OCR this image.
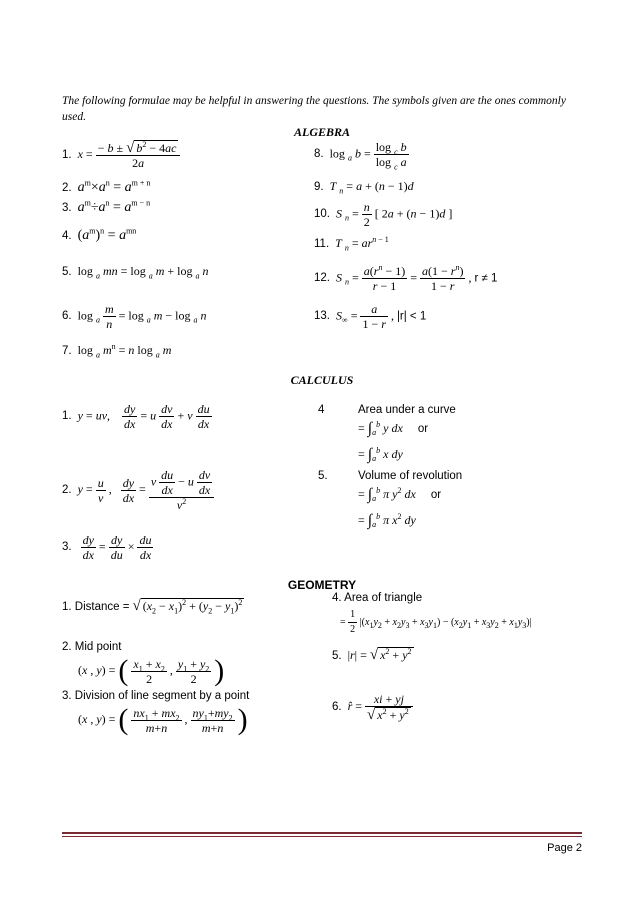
The following formulae may be helpful in answering the questions. The symbols given are the ones commonly used.
ALGEBRA
1. $x = \frac{- b \pm √ b^2 - 4ac}{2a}$
2. $a^m\times a^n = a^{m + n}$
3. $a^m\div a^n = a^{m - n}$
4. $(a^m)^n = a^{mn}$
5. log $_a$ mn = log $_a$ m + log $_a$ n
6. $\log _a \frac{m}{n} = \log _a$ m − log $_a$ n
7. log $_a$ $m^n = n$ log $_a$ m
8. log $_a$ $b = \frac{\log _c b}{\log _c a}$
9. T $_n$ = a + (n − 1)d
10. S $_n = \frac{n}{2}$ [ 2a + (n − 1)d ]
11. T $_n = ar^{n - 1}$
12. S $_n = \frac{a(r^n - 1)}{r - 1} = \frac{a(1 - r^n)}{1 - r}$ , r ≠ 1
13. $S_\infty = \frac{a}{1 - r}$ , |r| < 1
CALCULUS
1. y = uv, $\frac{dy}{dx} = u \frac{dv}{dx} + v \frac{du}{dx}$
2. $y = \frac{u}{v}$ , $\frac{dy}{dx} = \frac{v \frac{du}{dx} - u \frac{dv}{dx}}{v^2}$
3. $\frac{dy}{dx} = \frac{dy}{du} \times \frac{du}{dx}$
4	Area under a curve
= $\int_a^b$ y dx or
= $\int_a^b$ x dy
5.	Volume of revolution
= $\int_a^b$ π $y^2$ dx or
= $\int_a^b$ π $x^2$ dy
GEOMETRY
1. Distance = √ $(x_2 - x_1)^2 + (y_2 - y_1)^2$
2. Mid point
(x , y) = ( $\frac{x_1 + x_2}{2}$ , $\frac{y_1 + y_2}{2}$ )
3. Division of line segment by a point
(x , y) = ( $\frac{nx_1 + mx_2}{m+n}$ , $\frac{ny_1+my_2}{m+n}$ )
4. Area of triangle
= $\frac{1}{2} |(x_1y_2 + x_2y_3 + x_3y_1) - (x_2y_1 + x_3y_2 + x_1y_3)|$
5. |r| = √ $x^2 + y^2$
6. r̂ = $\frac{xi + yj}{√ x^2 + y^2}$
Page 2
